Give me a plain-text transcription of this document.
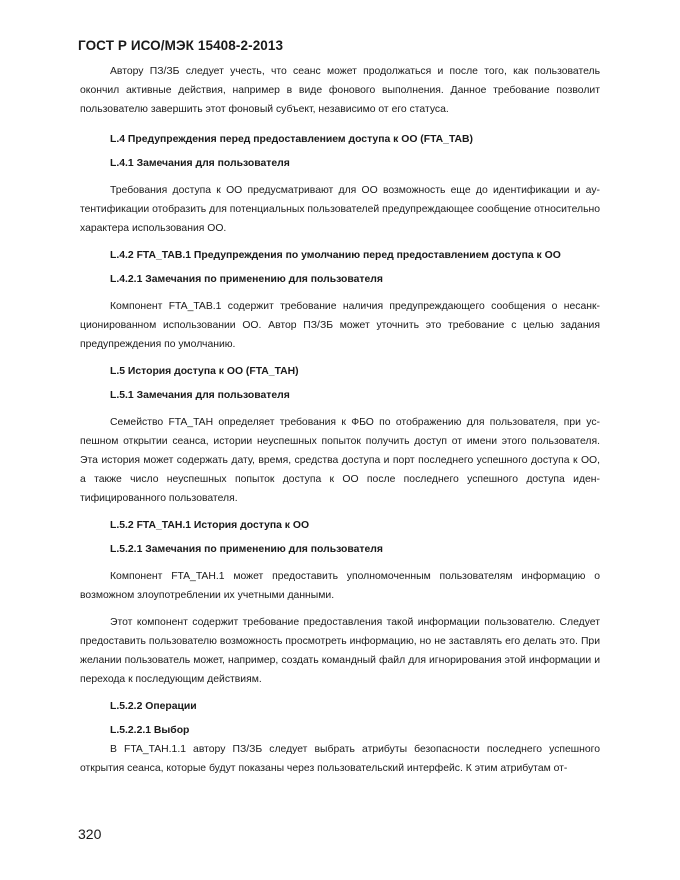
ГОСТ Р ИСО/МЭК 15408-2-2013

Автору ПЗ/ЗБ следует учесть, что сеанс может продолжаться и после того, как пользователь окончил активные действия, например в виде фонового выполнения. Данное требование позволит пользователю завершить этот фоновый субъект, независимо от его статуса.

L.4 Предупреждения перед предоставлением доступа к ОО (FTA_TAB)

L.4.1 Замечания для пользователя

Требования доступа к ОО предусматривают для ОО возможность еще до идентификации и аутентификации отобразить для потенциальных пользователей предупреждающее сообщение относительно характера использования ОО.

L.4.2 FTA_TAB.1 Предупреждения по умолчанию перед предоставлением доступа к ОО

L.4.2.1 Замечания по применению для пользователя

Компонент FTA_TAB.1 содержит требование наличия предупреждающего сообщения о несанкционированном использовании ОО. Автор ПЗ/ЗБ может уточнить это требование с целью задания предупреждения по умолчанию.

L.5 История доступа к ОО (FTA_TAH)

L.5.1 Замечания для пользователя

Семейство FTA_TAH определяет требования к ФБО по отображению для пользователя, при успешном открытии сеанса, истории неуспешных попыток получить доступ от имени этого пользователя. Эта история может содержать дату, время, средства доступа и порт последнего успешного доступа к ОО, а также число неуспешных попыток доступа к ОО после последнего успешного доступа идентифицированного пользователя.

L.5.2 FTA_TAH.1 История доступа к ОО

L.5.2.1 Замечания по применению для пользователя

Компонент FTA_TAH.1 может предоставить уполномоченным пользователям информацию о возможном злоупотреблении их учетными данными.

Этот компонент содержит требование предоставления такой информации пользователю. Следует предоставить пользователю возможность просмотреть информацию, но не заставлять его делать это. При желании пользователь может, например, создать командный файл для игнорирования этой информации и перехода к последующим действиям.

L.5.2.2 Операции

L.5.2.2.1 Выбор

В FTA_TAH.1.1 автору ПЗ/ЗБ следует выбрать атрибуты безопасности последнего успешного открытия сеанса, которые будут показаны через пользовательский интерфейс. К этим атрибутам от-

320
